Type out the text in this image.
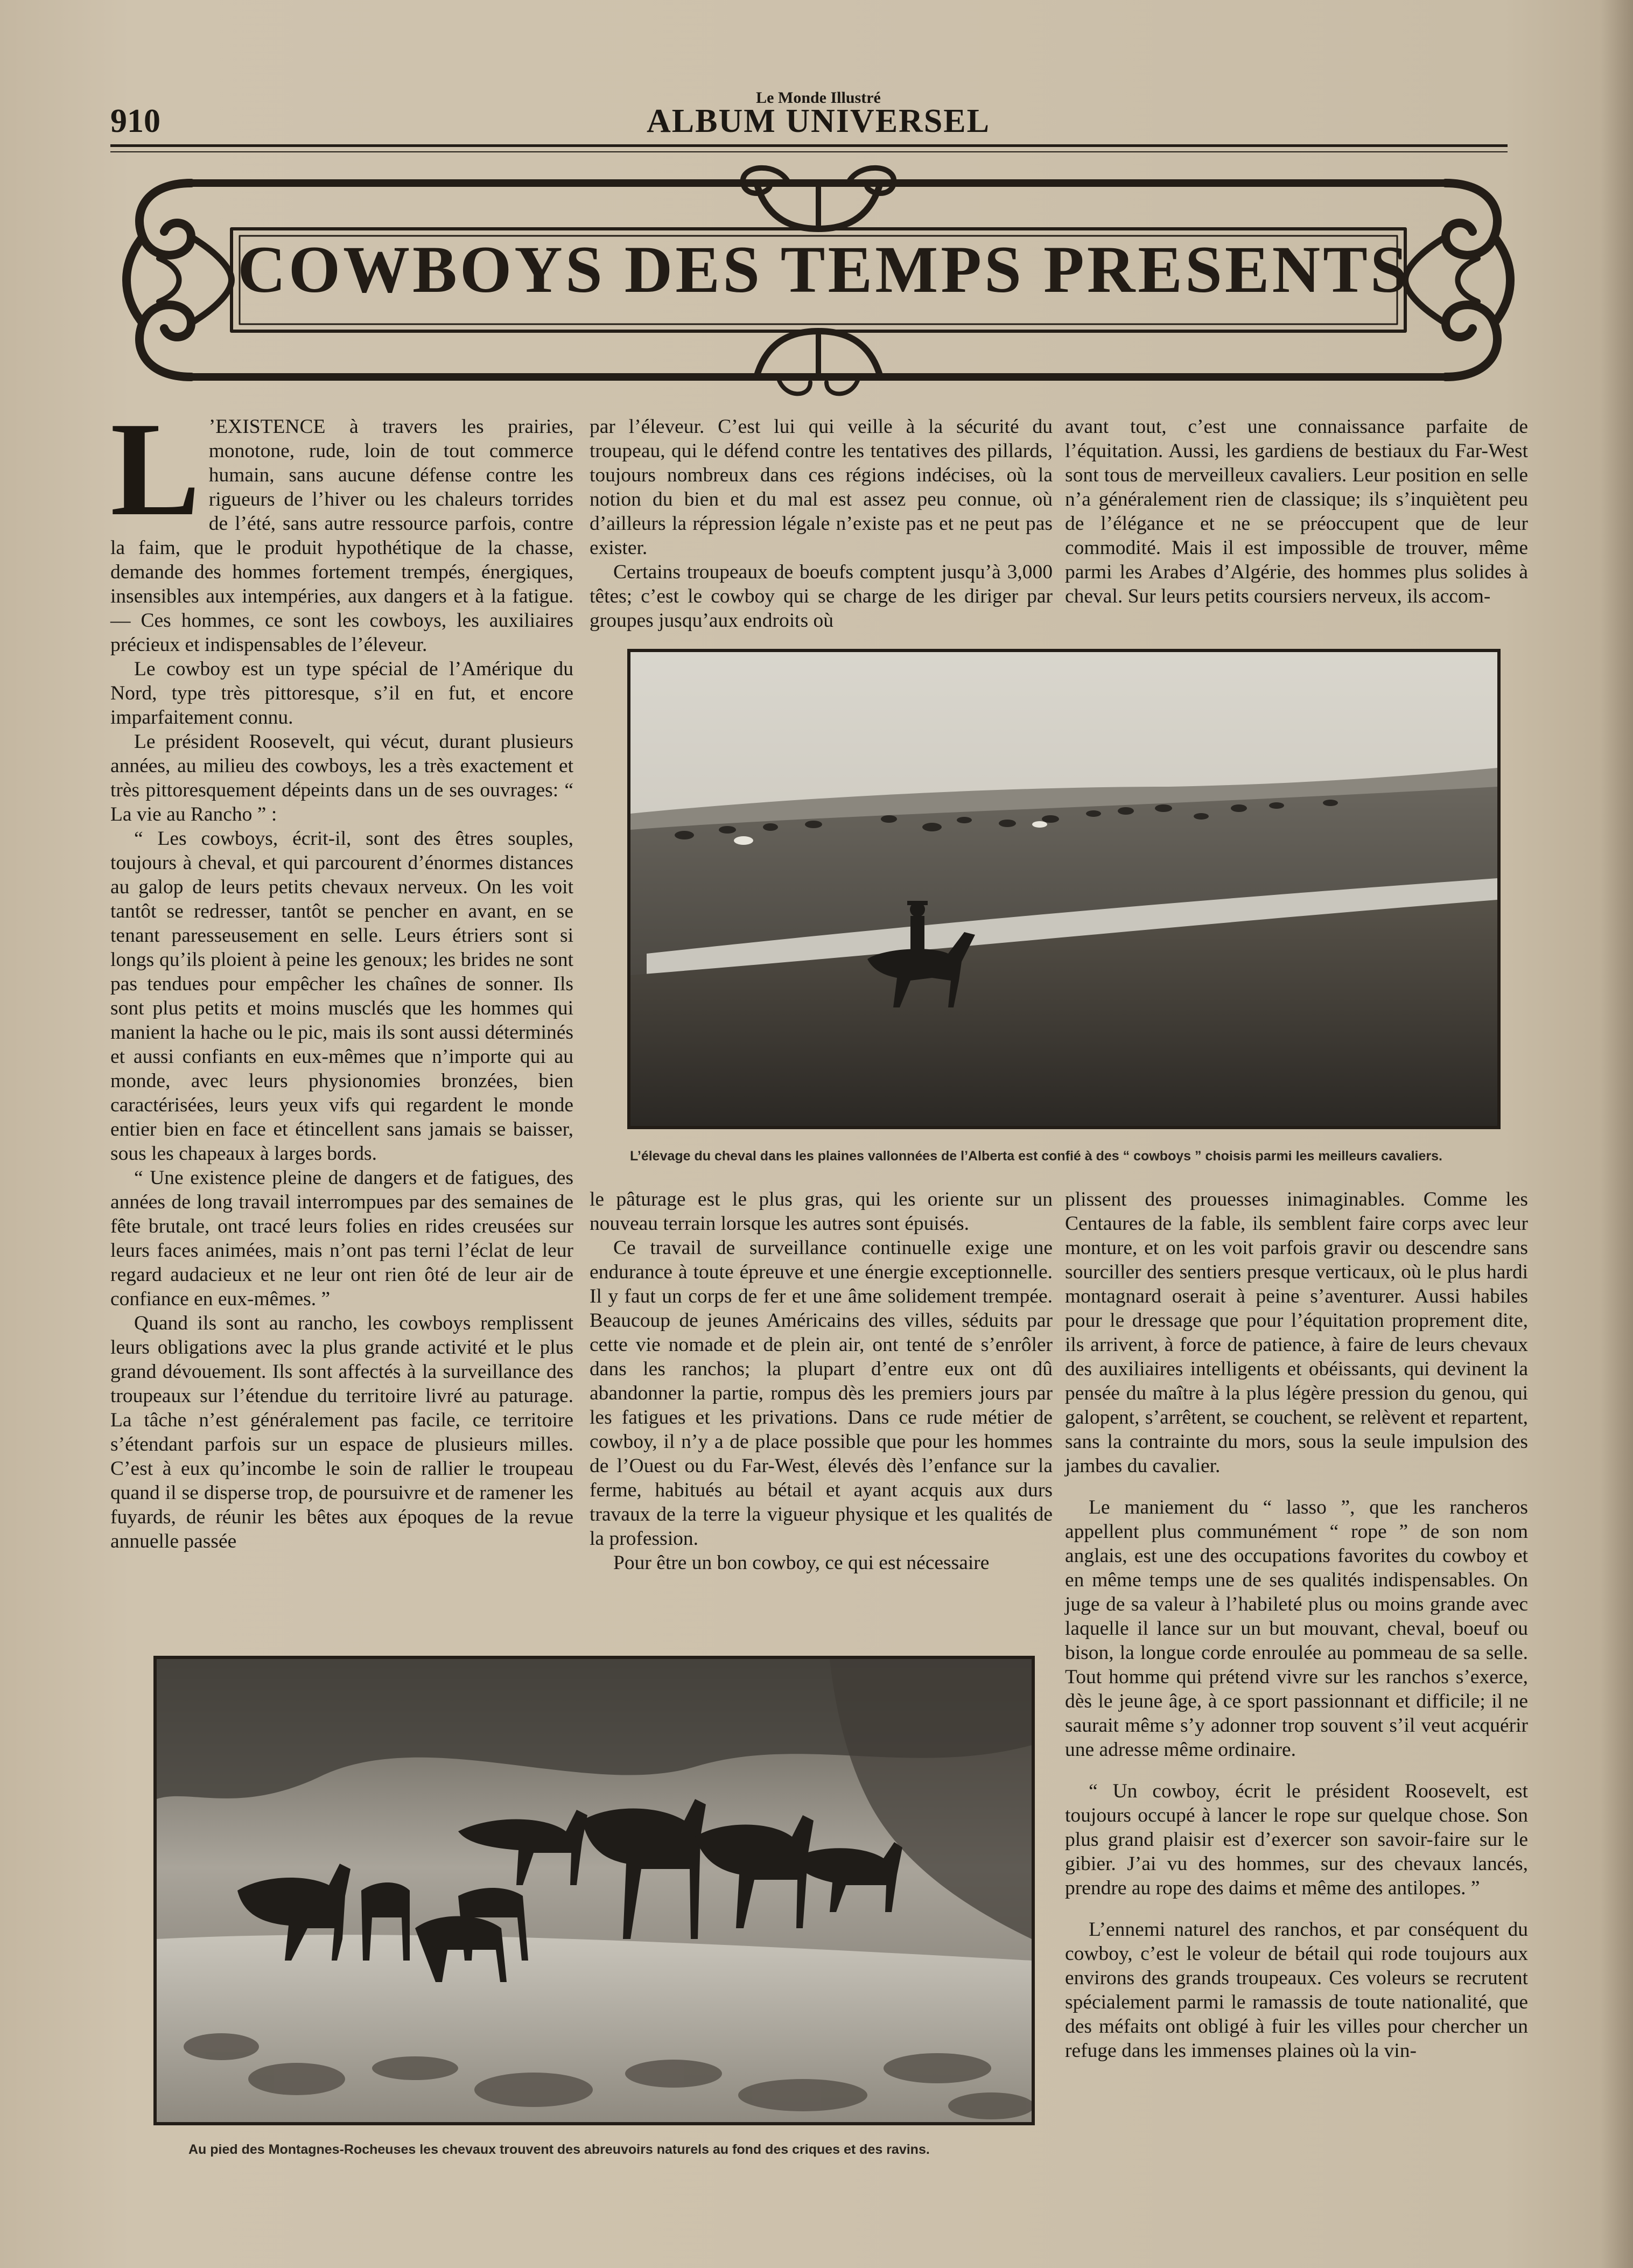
910
Le Monde Illustré
ALBUM UNIVERSEL
COWBOYS DES TEMPS PRESENTS

L ’EXISTENCE à travers les prairies, monotone, rude, loin de tout commerce humain, sans aucune défense contre les rigueurs de l’hiver ou les chaleurs torrides de l’été, sans autre ressource parfois, contre la faim, que le produit hypothétique de la chasse, demande des hommes fortement trempés, énergiques, insensibles aux intempéries, aux dangers et à la fatigue. — Ces hommes, ce sont les cowboys, les auxiliaires précieux et indispensables de l’éleveur.

Le cowboy est un type spécial de l’Amérique du Nord, type très pittoresque, s’il en fut, et encore imparfaitement connu.

Le président Roosevelt, qui vécut, durant plusieurs années, au milieu des cowboys, les a très exactement et très pittoresquement dépeints dans un de ses ouvrages: “ La vie au Rancho ” :

“ Les cowboys, écrit-il, sont des êtres souples, toujours à cheval, et qui parcourent d’énormes distances au galop de leurs petits chevaux nerveux. On les voit tantôt se redresser, tantôt se pencher en avant, en se tenant paresseusement en selle. Leurs étriers sont si longs qu’ils ploient à peine les genoux; les brides ne sont pas tendues pour empêcher les chaînes de sonner. Ils sont plus petits et moins musclés que les hommes qui manient la hache ou le pic, mais ils sont aussi déterminés et aussi confiants en eux-mêmes que n’importe qui au monde, avec leurs physionomies bronzées, bien caractérisées, leurs yeux vifs qui regardent le monde entier bien en face et étincellent sans jamais se baisser, sous les chapeaux à larges bords.

“ Une existence pleine de dangers et de fatigues, des années de long travail interrompues par des semaines de fête brutale, ont tracé leurs folies en rides creusées sur leurs faces animées, mais n’ont pas terni l’éclat de leur regard audacieux et ne leur ont rien ôté de leur air de confiance en eux-mêmes. ”

Quand ils sont au rancho, les cowboys remplissent leurs obligations avec la plus grande activité et le plus grand dévouement. Ils sont affectés à la surveillance des troupeaux sur l’étendue du territoire livré au paturage. La tâche n’est généralement pas facile, ce territoire s’étendant parfois sur un espace de plusieurs milles. C’est à eux qu’incombe le soin de rallier le troupeau quand il se disperse trop, de poursuivre et de ramener les fuyards, de réunir les bêtes aux époques de la revue annuelle passée

par l’éleveur. C’est lui qui veille à la sécurité du troupeau, qui le défend contre les tentatives des pillards, toujours nombreux dans ces régions indécises, où la notion du bien et du mal est assez peu connue, où d’ailleurs la répression légale n’existe pas et ne peut pas exister.

Certains troupeaux de boeufs comptent jusqu’à 3,000 têtes; c’est le cowboy qui se charge de les diriger par groupes jusqu’aux endroits où

avant tout, c’est une connaissance parfaite de l’équitation. Aussi, les gardiens de bestiaux du Far-West sont tous de merveilleux cavaliers. Leur position en selle n’a généralement rien de classique; ils s’inquiètent peu de l’élégance et ne se préoccupent que de leur commodité. Mais il est impossible de trouver, même parmi les Arabes d’Algérie, des hommes plus solides à cheval. Sur leurs petits coursiers nerveux, ils accom-

L’élevage du cheval dans les plaines vallonnées de l’Alberta est confié à des “ cowboys ” choisis parmi les meilleurs cavaliers.

le pâturage est le plus gras, qui les oriente sur un nouveau terrain lorsque les autres sont épuisés.

Ce travail de surveillance continuelle exige une endurance à toute épreuve et une énergie exceptionnelle. Il y faut un corps de fer et une âme solidement trempée. Beaucoup de jeunes Américains des villes, séduits par cette vie nomade et de plein air, ont tenté de s’enrôler dans les ranchos; la plupart d’entre eux ont dû abandonner la partie, rompus dès les premiers jours par les fatigues et les privations. Dans ce rude métier de cowboy, il n’y a de place possible que pour les hommes de l’Ouest ou du Far-West, élevés dès l’enfance sur la ferme, habitués au bétail et ayant acquis aux durs travaux de la terre la vigueur physique et les qualités de la profession.

Pour être un bon cowboy, ce qui est nécessaire

plissent des prouesses inimaginables. Comme les Centaures de la fable, ils semblent faire corps avec leur monture, et on les voit parfois gravir ou descendre sans sourciller des sentiers presque verticaux, où le plus hardi montagnard oserait à peine s’aventurer. Aussi habiles pour le dressage que pour l’équitation proprement dite, ils arrivent, à force de patience, à faire de leurs chevaux des auxiliaires intelligents et obéissants, qui devinent la pensée du maître à la plus légère pression du genou, qui galopent, s’arrêtent, se couchent, se relèvent et repartent, sans la contrainte du mors, sous la seule impulsion des jambes du cavalier.

Le maniement du “ lasso ”, que les rancheros appellent plus communément “ rope ” de son nom anglais, est une des occupations favorites du cowboy et en même temps une de ses qualités indispensables. On juge de sa valeur à l’habileté plus ou moins grande avec laquelle il lance sur un but mouvant, cheval, boeuf ou bison, la longue corde enroulée au pommeau de sa selle. Tout homme qui prétend vivre sur les ranchos s’exerce, dès le jeune âge, à ce sport passionnant et difficile; il ne saurait même s’y adonner trop souvent s’il veut acquérir une adresse même ordinaire.

“ Un cowboy, écrit le président Roosevelt, est toujours occupé à lancer le rope sur quelque chose. Son plus grand plaisir est d’exercer son savoir-faire sur le gibier. J’ai vu des hommes, sur des chevaux lancés, prendre au rope des daims et même des antilopes. ”

L’ennemi naturel des ranchos, et par conséquent du cowboy, c’est le voleur de bétail qui rode toujours aux environs des grands troupeaux. Ces voleurs se recrutent spécialement parmi le ramassis de toute nationalité, que des méfaits ont obligé à fuir les villes pour chercher un refuge dans les immenses plaines où la vin-

Au pied des Montagnes-Rocheuses les chevaux trouvent des abreuvoirs naturels au fond des criques et des ravins.
